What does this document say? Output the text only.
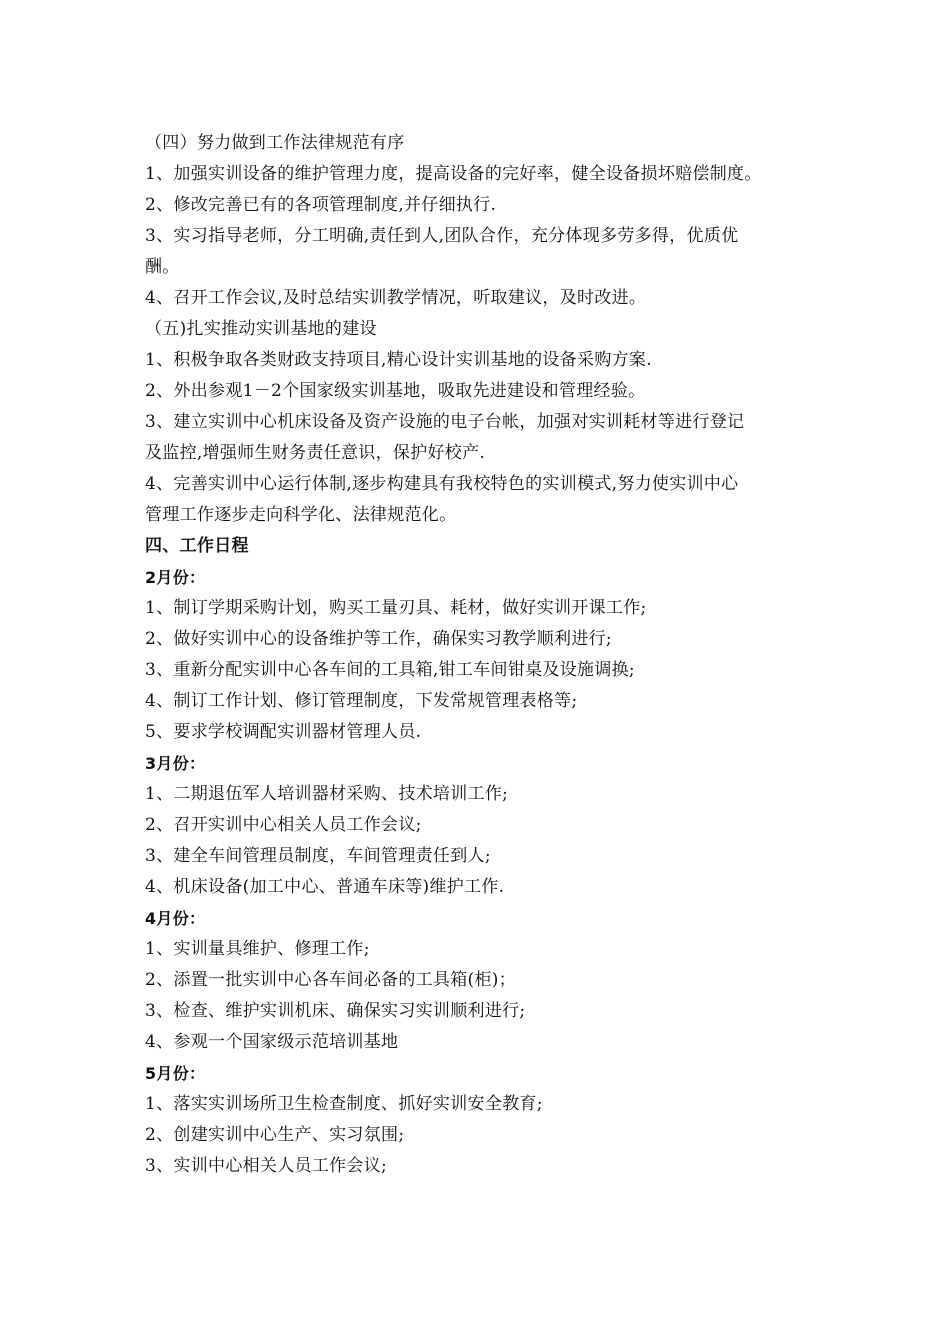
（四）努力做到工作法律规范有序
1、加强实训设备的维护管理力度，提高设备的完好率，健全设备损坏赔偿制度。
2、修改完善已有的各项管理制度,并仔细执行.
3、实习指导老师，分工明确,责任到人,团队合作，充分体现多劳多得，优质优
酬。
4、召开工作会议,及时总结实训教学情况，听取建议，及时改进。
（五)扎实推动实训基地的建设
1、积极争取各类财政支持项目,精心设计实训基地的设备采购方案.
2、外出参观1－2个国家级实训基地，吸取先进建设和管理经验。
3、建立实训中心机床设备及资产设施的电子台帐，加强对实训耗材等进行登记
及监控,增强师生财务责任意识，保护好校产.
4、完善实训中心运行体制,逐步构建具有我校特色的实训模式,努力使实训中心
管理工作逐步走向科学化、法律规范化。
四、工作日程
2月份：
1、制订学期采购计划，购买工量刃具、耗材，做好实训开课工作;
2、做好实训中心的设备维护等工作，确保实习教学顺利进行;
3、重新分配实训中心各车间的工具箱,钳工车间钳桌及设施调换;
4、制订工作计划、修订管理制度，下发常规管理表格等;
5、要求学校调配实训器材管理人员.
3月份：
1、二期退伍军人培训器材采购、技术培训工作;
2、召开实训中心相关人员工作会议;
3、建全车间管理员制度，车间管理责任到人;
4、机床设备(加工中心、普通车床等)维护工作.
4月份：
1、实训量具维护、修理工作;
2、添置一批实训中心各车间必备的工具箱(柜)；
3、检查、维护实训机床、确保实习实训顺利进行;
4、参观一个国家级示范培训基地
5月份：
1、落实实训场所卫生检查制度、抓好实训安全教育;
2、创建实训中心生产、实习氛围;
3、实训中心相关人员工作会议;
